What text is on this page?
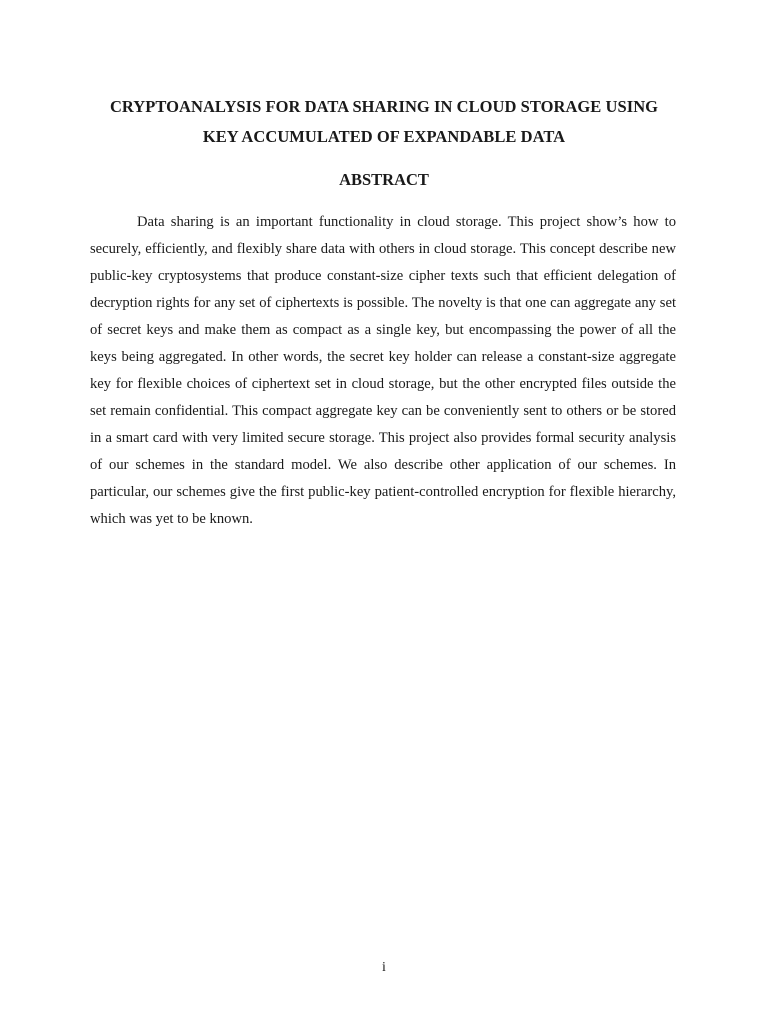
CRYPTOANALYSIS FOR DATA SHARING IN CLOUD STORAGE USING
KEY ACCUMULATED OF EXPANDABLE DATA
ABSTRACT

Data sharing is an important functionality in cloud storage. This project show’s how to securely, efficiently, and flexibly share data with others in cloud storage. This concept describe new public-key cryptosystems that produce constant-size cipher texts such that efficient delegation of decryption rights for any set of ciphertexts is possible. The novelty is that one can aggregate any set of secret keys and make them as compact as a single key, but encompassing the power of all the keys being aggregated. In other words, the secret key holder can release a constant-size aggregate key for flexible choices of ciphertext set in cloud storage, but the other encrypted files outside the set remain confidential. This compact aggregate key can be conveniently sent to others or be stored in a smart card with very limited secure storage. This project also provides formal security analysis of our schemes in the standard model. We also describe other application of our schemes. In particular, our schemes give the first public-key patient-controlled encryption for flexible hierarchy, which was yet to be known.

i
